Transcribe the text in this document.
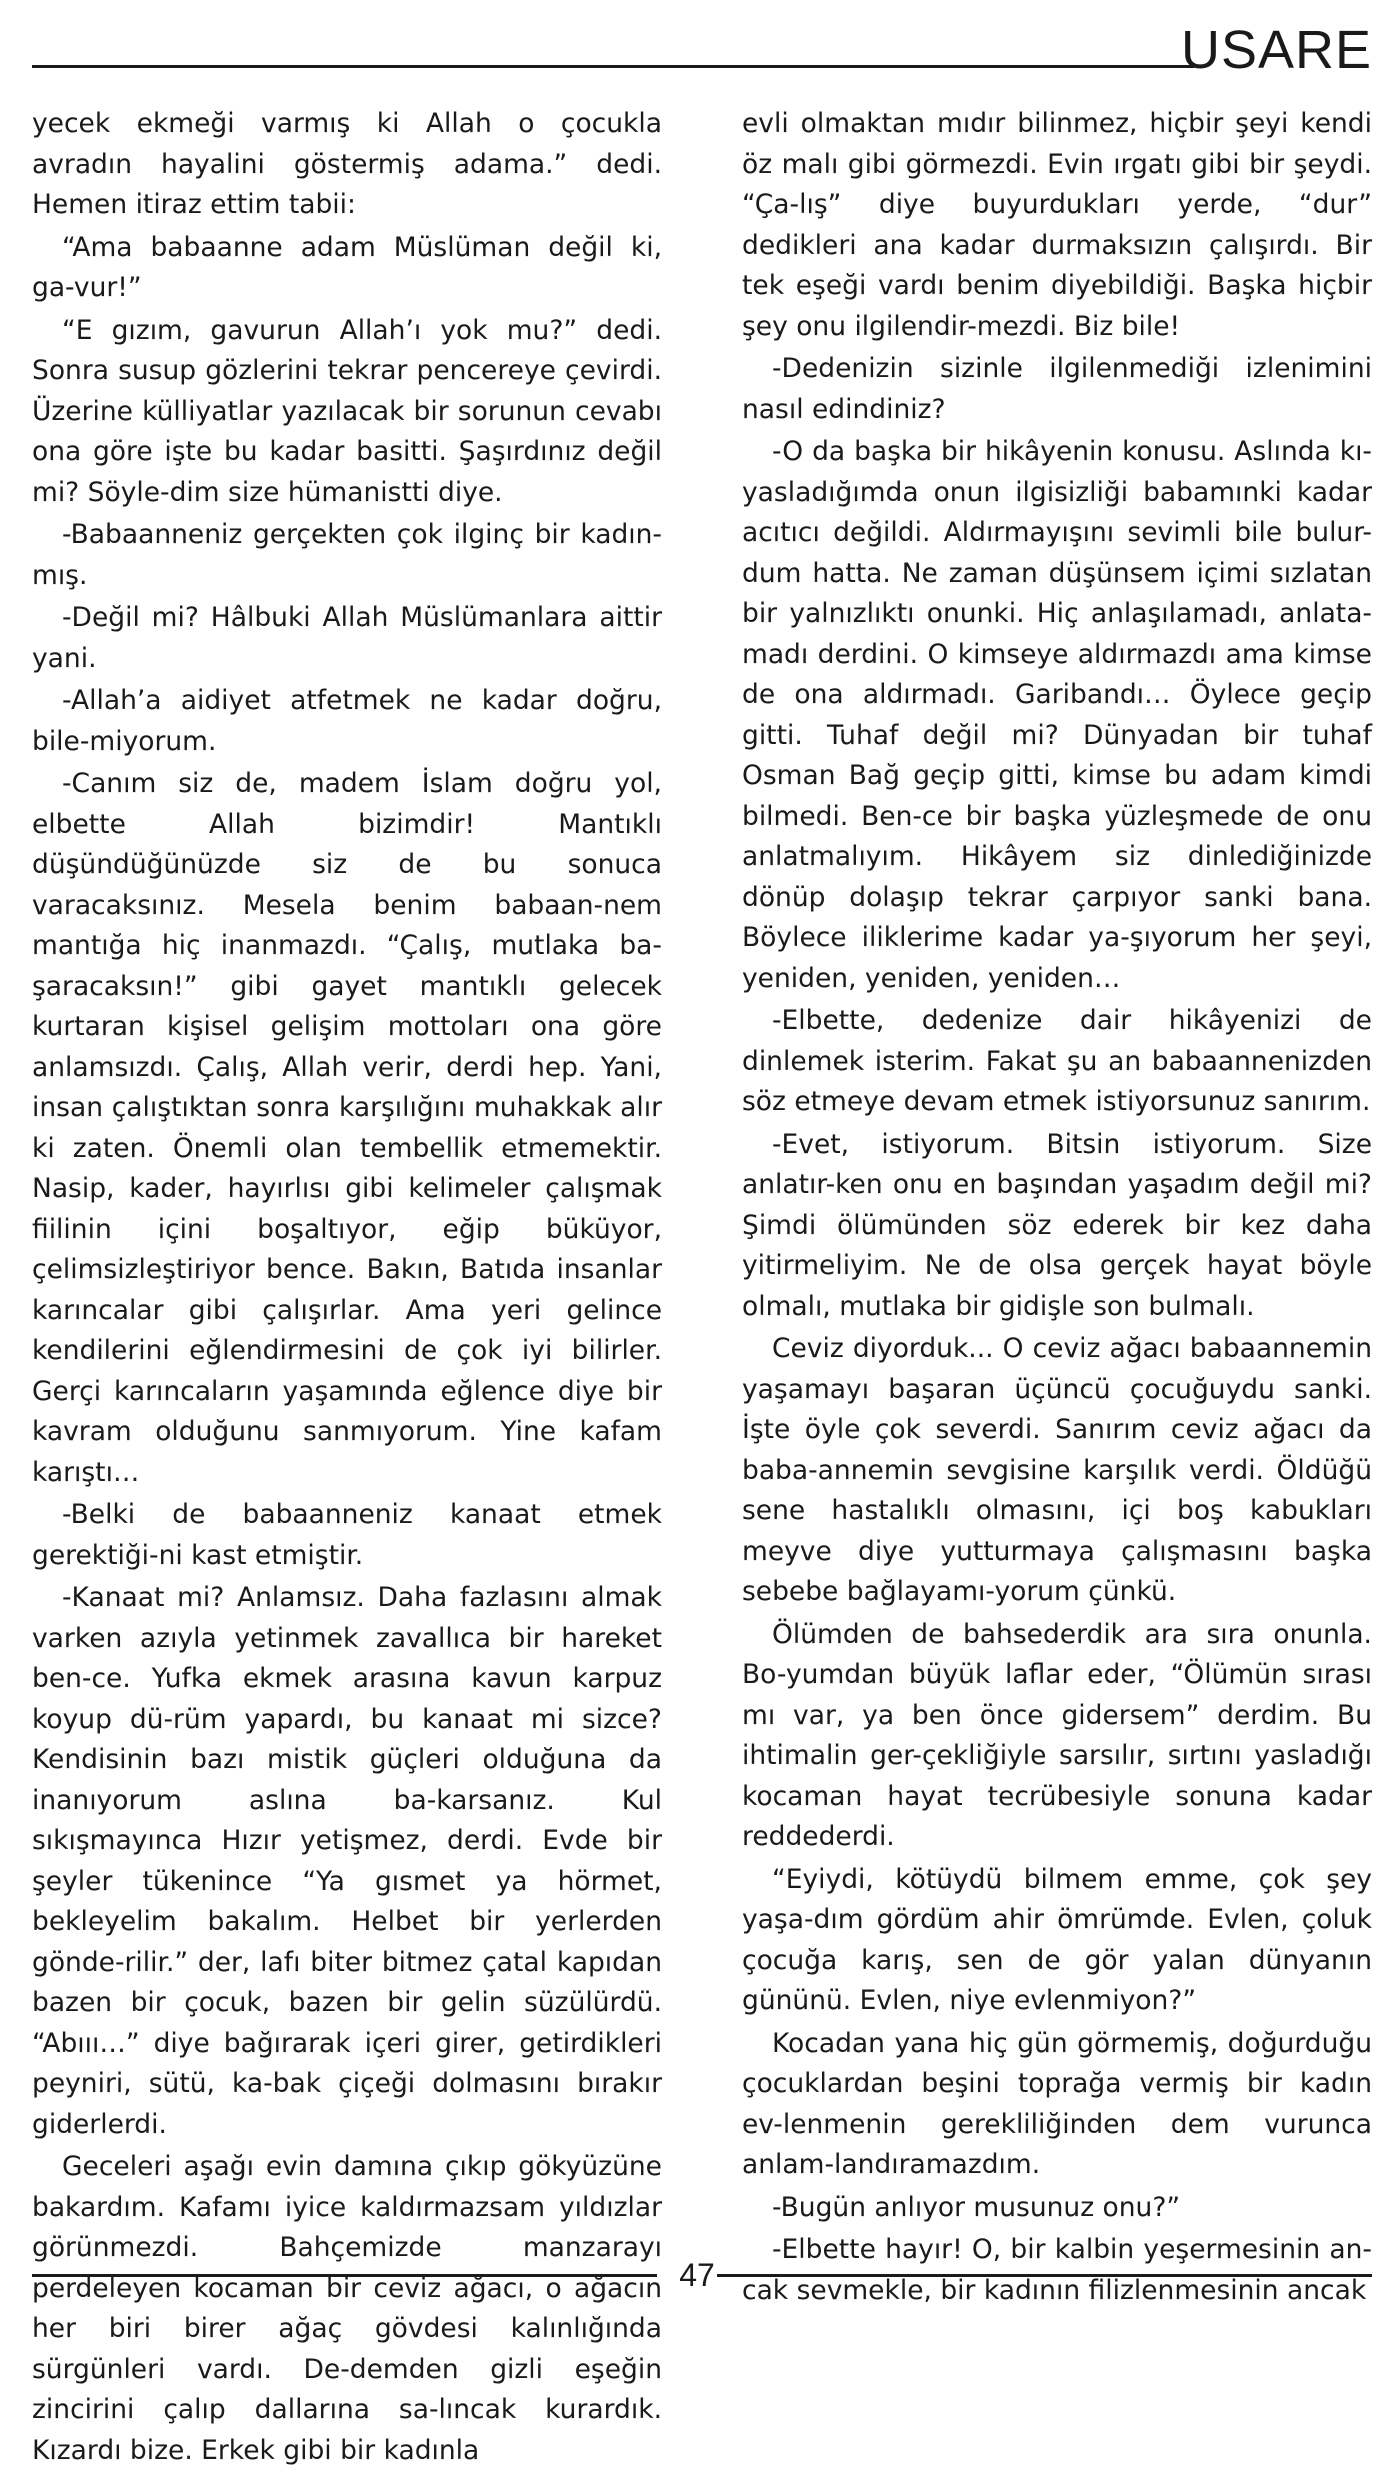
USARE

yecek ekmeği varmış ki Allah o çocukla avradın hayalini göstermiş adama.” dedi. Hemen itiraz ettim tabii:

“Ama babaanne adam Müslüman değil ki, ga-vur!”

“E gızım, gavurun Allah’ı yok mu?” dedi. Sonra susup gözlerini tekrar pencereye çevirdi. Üzerine külliyatlar yazılacak bir sorunun cevabı ona göre işte bu kadar basitti. Şaşırdınız değil mi? Söyle-dim size hümanistti diye.

-Babaanneniz gerçekten çok ilginç bir kadın-mış.

-Değil mi? Hâlbuki Allah Müslümanlara aittir yani.

-Allah’a aidiyet atfetmek ne kadar doğru, bile-miyorum.

-Canım siz de, madem İslam doğru yol, elbette Allah bizimdir! Mantıklı düşündüğünüzde siz de bu sonuca varacaksınız. Mesela benim babaan-nem mantığa hiç inanmazdı. “Çalış, mutlaka ba-şaracaksın!” gibi gayet mantıklı gelecek kurtaran kişisel gelişim mottoları ona göre anlamsızdı. Çalış, Allah verir, derdi hep. Yani, insan çalıştıktan sonra karşılığını muhakkak alır ki zaten. Önemli olan tembellik etmemektir. Nasip, kader, hayırlısı gibi kelimeler çalışmak fiilinin içini boşaltıyor, eğip büküyor, çelimsizleştiriyor bence. Bakın, Batıda insanlar karıncalar gibi çalışırlar. Ama yeri gelince kendilerini eğlendirmesini de çok iyi bilirler. Gerçi karıncaların yaşamında eğlence diye bir kavram olduğunu sanmıyorum. Yine kafam karıştı…

-Belki de babaanneniz kanaat etmek gerektiği-ni kast etmiştir.

-Kanaat mi? Anlamsız. Daha fazlasını almak varken azıyla yetinmek zavallıca bir hareket ben-ce. Yufka ekmek arasına kavun karpuz koyup dü-rüm yapardı, bu kanaat mi sizce? Kendisinin bazı mistik güçleri olduğuna da inanıyorum aslına ba-karsanız. Kul sıkışmayınca Hızır yetişmez, derdi. Evde bir şeyler tükenince “Ya gısmet ya hörmet, bekleyelim bakalım. Helbet bir yerlerden gönde-rilir.” der, lafı biter bitmez çatal kapıdan bazen bir çocuk, bazen bir gelin süzülürdü. “Abııı…” diye bağırarak içeri girer, getirdikleri peyniri, sütü, ka-bak çiçeği dolmasını bırakır giderlerdi.

Geceleri aşağı evin damına çıkıp gökyüzüne bakardım. Kafamı iyice kaldırmazsam yıldızlar görünmezdi. Bahçemizde manzarayı perdeleyen kocaman bir ceviz ağacı, o ağacın her biri birer ağaç gövdesi kalınlığında sürgünleri vardı. De-demden gizli eşeğin zincirini çalıp dallarına sa-lıncak kurardık. Kızardı bize. Erkek gibi bir kadınla

evli olmaktan mıdır bilinmez, hiçbir şeyi kendi öz malı gibi görmezdi. Evin ırgatı gibi bir şeydi. “Ça-lış” diye buyurdukları yerde, “dur” dedikleri ana kadar durmaksızın çalışırdı. Bir tek eşeği vardı benim diyebildiği. Başka hiçbir şey onu ilgilendir-mezdi. Biz bile!

-Dedenizin sizinle ilgilenmediği izlenimini nasıl edindiniz?

-O da başka bir hikâyenin konusu. Aslında kı-yasladığımda onun ilgisizliği babamınki kadar acıtıcı değildi. Aldırmayışını sevimli bile bulur-dum hatta. Ne zaman düşünsem içimi sızlatan bir yalnızlıktı onunki. Hiç anlaşılamadı, anlata-madı derdini. O kimseye aldırmazdı ama kimse de ona aldırmadı. Garibandı… Öylece geçip gitti. Tuhaf değil mi? Dünyadan bir tuhaf Osman Bağ geçip gitti, kimse bu adam kimdi bilmedi. Ben-ce bir başka yüzleşmede de onu anlatmalıyım. Hikâyem siz dinlediğinizde dönüp dolaşıp tekrar çarpıyor sanki bana. Böylece iliklerime kadar ya-şıyorum her şeyi, yeniden, yeniden, yeniden…

-Elbette, dedenize dair hikâyenizi de dinlemek isterim. Fakat şu an babaannenizden söz etmeye devam etmek istiyorsunuz sanırım.

-Evet, istiyorum. Bitsin istiyorum. Size anlatır-ken onu en başından yaşadım değil mi? Şimdi ölümünden söz ederek bir kez daha yitirmeliyim. Ne de olsa gerçek hayat böyle olmalı, mutlaka bir gidişle son bulmalı.

Ceviz diyorduk... O ceviz ağacı babaannemin yaşamayı başaran üçüncü çocuğuydu sanki. İşte öyle çok severdi. Sanırım ceviz ağacı da baba-annemin sevgisine karşılık verdi. Öldüğü sene hastalıklı olmasını, içi boş kabukları meyve diye yutturmaya çalışmasını başka sebebe bağlayamı-yorum çünkü.

Ölümden de bahsederdik ara sıra onunla. Bo-yumdan büyük laflar eder, “Ölümün sırası mı var, ya ben önce gidersem” derdim. Bu ihtimalin ger-çekliğiyle sarsılır, sırtını yasladığı kocaman hayat tecrübesiyle sonuna kadar reddederdi.

“Eyiydi, kötüydü bilmem emme, çok şey yaşa-dım gördüm ahir ömrümde. Evlen, çoluk çocuğa karış, sen de gör yalan dünyanın gününü. Evlen, niye evlenmiyon?”

Kocadan yana hiç gün görmemiş, doğurduğu çocuklardan beşini toprağa vermiş bir kadın ev-lenmenin gerekliliğinden dem vurunca anlam-landıramazdım.

-Bugün anlıyor musunuz onu?”

-Elbette hayır! O, bir kalbin yeşermesinin an-cak sevmekle, bir kadının filizlenmesinin ancak

47
